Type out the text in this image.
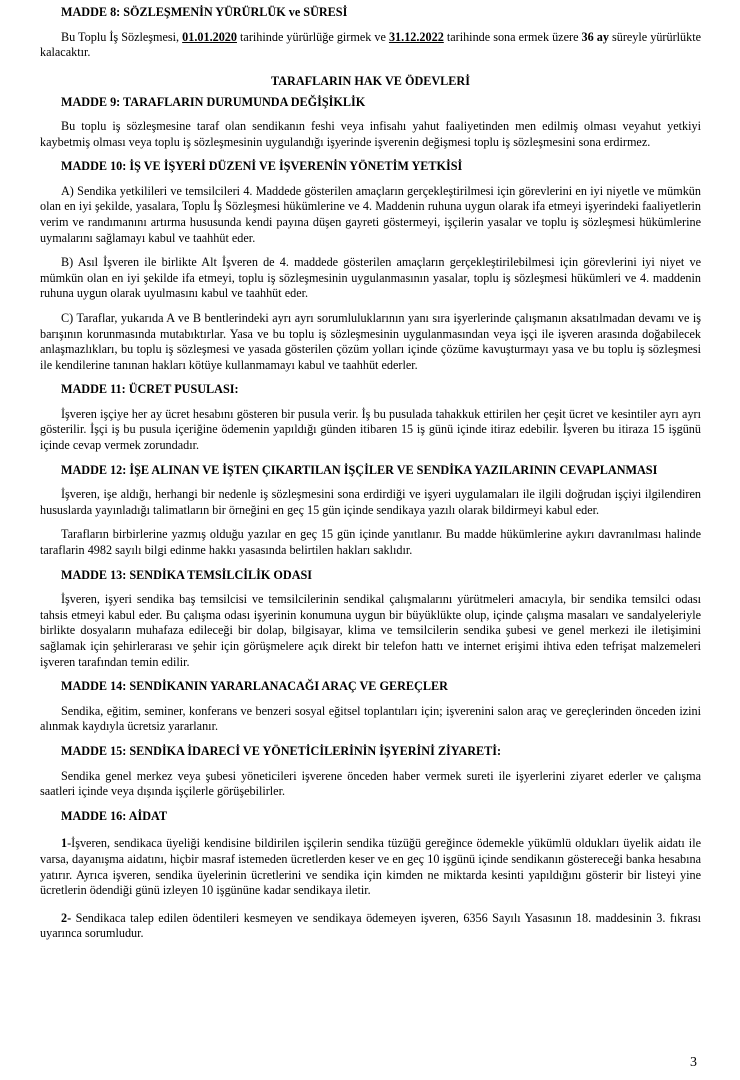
MADDE 8: SÖZLEŞMENİN YÜRÜRLÜK ve SÜRESİ

Bu Toplu İş Sözleşmesi, 01.01.2020 tarihinde yürürlüğe girmek ve 31.12.2022 tarihinde sona ermek üzere 36 ay süreyle yürürlükte kalacaktır.

TARAFLARIN HAK VE ÖDEVLERİ
MADDE 9: TARAFLARIN DURUMUNDA DEĞİŞİKLİK

Bu toplu iş sözleşmesine taraf olan sendikanın feshi veya infisahı yahut faaliyetinden men edilmiş olması veyahut yetkiyi kaybetmiş olması veya toplu iş sözleşmesinin uygulandığı işyerinde işverenin değişmesi toplu iş sözleşmesini sona erdirmez.

MADDE 10: İŞ VE İŞYERİ DÜZENİ VE İŞVERENİN YÖNETİM YETKİSİ

A) Sendika yetkilileri ve temsilcileri 4. Maddede gösterilen amaçların gerçekleştirilmesi için görevlerini en iyi niyetle ve mümkün olan en iyi şekilde, yasalara, Toplu İş Sözleşmesi hükümlerine ve 4. Maddenin ruhuna uygun olarak ifa etmeyi işyerindeki faaliyetlerin verim ve randımanını artırma hususunda kendi payına düşen gayreti göstermeyi, işçilerin yasalar ve toplu iş sözleşmesi hükümlerine uymalarını sağlamayı kabul ve taahhüt eder.

B) Asıl İşveren ile birlikte Alt İşveren de 4. maddede gösterilen amaçların gerçekleştirilebilmesi için görevlerini iyi niyet ve mümkün olan en iyi şekilde ifa etmeyi, toplu iş sözleşmesinin uygulanmasının yasalar, toplu iş sözleşmesi hükümleri ve 4. maddenin ruhuna uygun olarak uyulmasını kabul ve taahhüt eder.

C) Taraflar, yukarıda A ve B bentlerindeki ayrı ayrı sorumluluklarının yanı sıra işyerlerinde çalışmanın aksatılmadan devamı ve iş barışının korunmasında mutabıktırlar. Yasa ve bu toplu iş sözleşmesinin uygulanmasından veya işçi ile işveren arasında doğabilecek anlaşmazlıkları, bu toplu iş sözleşmesi ve yasada gösterilen çözüm yolları içinde çözüme kavuşturmayı yasa ve bu toplu iş sözleşmesi ile kendilerine tanınan hakları kötüye kullanmamayı kabul ve taahhüt ederler.

MADDE 11: ÜCRET PUSULASI:

İşveren işçiye her ay ücret hesabını gösteren bir pusula verir. İş bu pusulada tahakkuk ettirilen her çeşit ücret ve kesintiler ayrı ayrı gösterilir. İşçi iş bu pusula içeriğine ödemenin yapıldığı günden itibaren 15 iş günü içinde itiraz edebilir. İşveren bu itiraza 15 işgünü içinde cevap vermek zorundadır.

MADDE 12: İŞE ALINAN VE İŞTEN ÇIKARTILAN İŞÇİLER VE SENDİKA YAZILARININ CEVAPLANMASI

İşveren, işe aldığı, herhangi bir nedenle iş sözleşmesini sona erdirdiği ve işyeri uygulamaları ile ilgili doğrudan işçiyi ilgilendiren hususlarda yayınladığı talimatların bir örneğini en geç 15 gün içinde sendikaya yazılı olarak bildirmeyi kabul eder.

Tarafların birbirlerine yazmış olduğu yazılar en geç 15 gün içinde yanıtlanır. Bu madde hükümlerine aykırı davranılması halinde taraflarin 4982 sayılı bilgi edinme hakkı yasasında belirtilen hakları saklıdır.

MADDE 13: SENDİKA TEMSİLCİLİK ODASI

İşveren, işyeri sendika baş temsilcisi ve temsilcilerinin sendikal çalışmalarını yürütmeleri amacıyla, bir sendika temsilci odası tahsis etmeyi kabul eder. Bu çalışma odası işyerinin konumuna uygun bir büyüklükte olup, içinde çalışma masaları ve sandalyeleriyle birlikte dosyaların muhafaza edileceği bir dolap, bilgisayar, klima ve temsilcilerin sendika şubesi ve genel merkezi ile iletişimini sağlamak için şehirlerarası ve şehir için görüşmelere açık direkt bir telefon hattı ve internet erişimi ihtiva eden tefrişat malzemeleri işveren tarafından temin edilir.

MADDE 14: SENDİKANIN YARARLANACAĞI ARAÇ VE GEREÇLER

Sendika, eğitim, seminer, konferans ve benzeri sosyal eğitsel toplantıları için; işverenini salon araç ve gereçlerinden önceden izini alınmak kaydıyla ücretsiz yararlanır.

MADDE 15: SENDİKA İDARECİ VE YÖNETİCİLERİNİN İŞYERİNİ ZİYARETİ:

Sendika genel merkez veya şubesi yöneticileri işverene önceden haber vermek sureti ile işyerlerini ziyaret ederler ve çalışma saatleri içinde veya dışında işçilerle görüşebilirler.

MADDE 16: AİDAT

1-İşveren, sendikaca üyeliği kendisine bildirilen işçilerin sendika tüzüğü gereğince ödemekle yükümlü oldukları üyelik aidatı ile varsa, dayanışma aidatını, hiçbir masraf istemeden ücretlerden keser ve en geç 10 işgünü içinde sendikanın göstereceği banka hesabına yatırır. Ayrıca işveren, sendika üyelerinin ücretlerini ve sendika için kimden ne miktarda kesinti yapıldığını gösterir bir listeyi yine ücretlerin ödendiği günü izleyen 10 işgününe kadar sendikaya iletir.

2- Sendikaca talep edilen ödentileri kesmeyen ve sendikaya ödemeyen işveren, 6356 Sayılı Yasasının 18. maddesinin 3. fıkrası uyarınca sorumludur.

3
